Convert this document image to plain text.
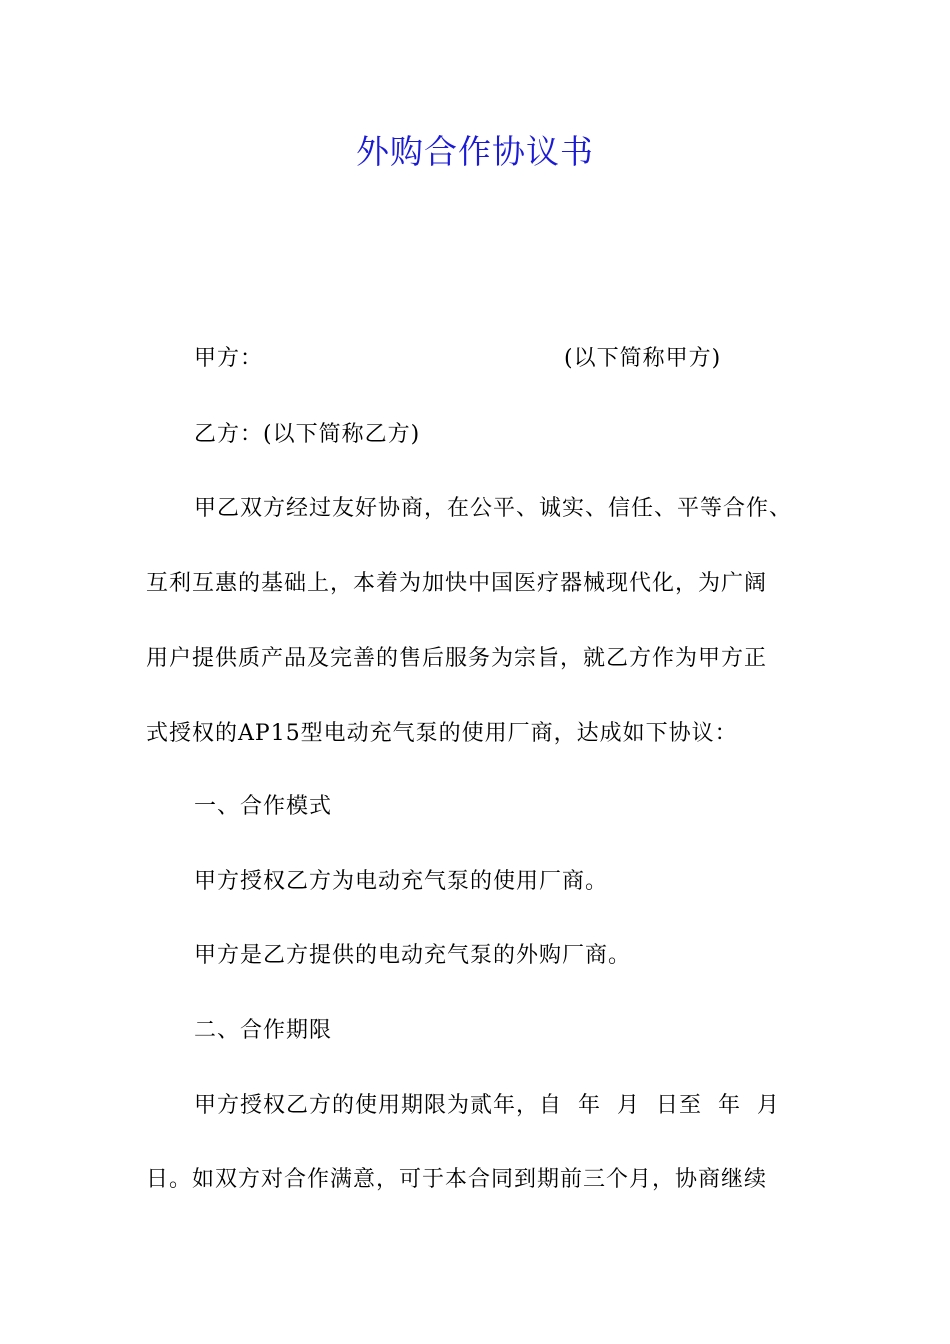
外购合作协议书
甲方：	(以下简称甲方)
乙方：(以下简称乙方)
甲乙双方经过友好协商，在公平、诚实、信任、平等合作、
互利互惠的基础上，本着为加快中国医疗器械现代化，为广阔
用户提供质产品及完善的售后服务为宗旨，就乙方作为甲方正
式授权的AP15型电动充气泵的使用厂商，达成如下协议：
一、合作模式
甲方授权乙方为电动充气泵的使用厂商。
甲方是乙方提供的电动充气泵的外购厂商。
二、合作期限
甲方授权乙方的使用期限为贰年，自  年  月  日至  年  月
日。如双方对合作满意，可于本合同到期前三个月，协商继续
